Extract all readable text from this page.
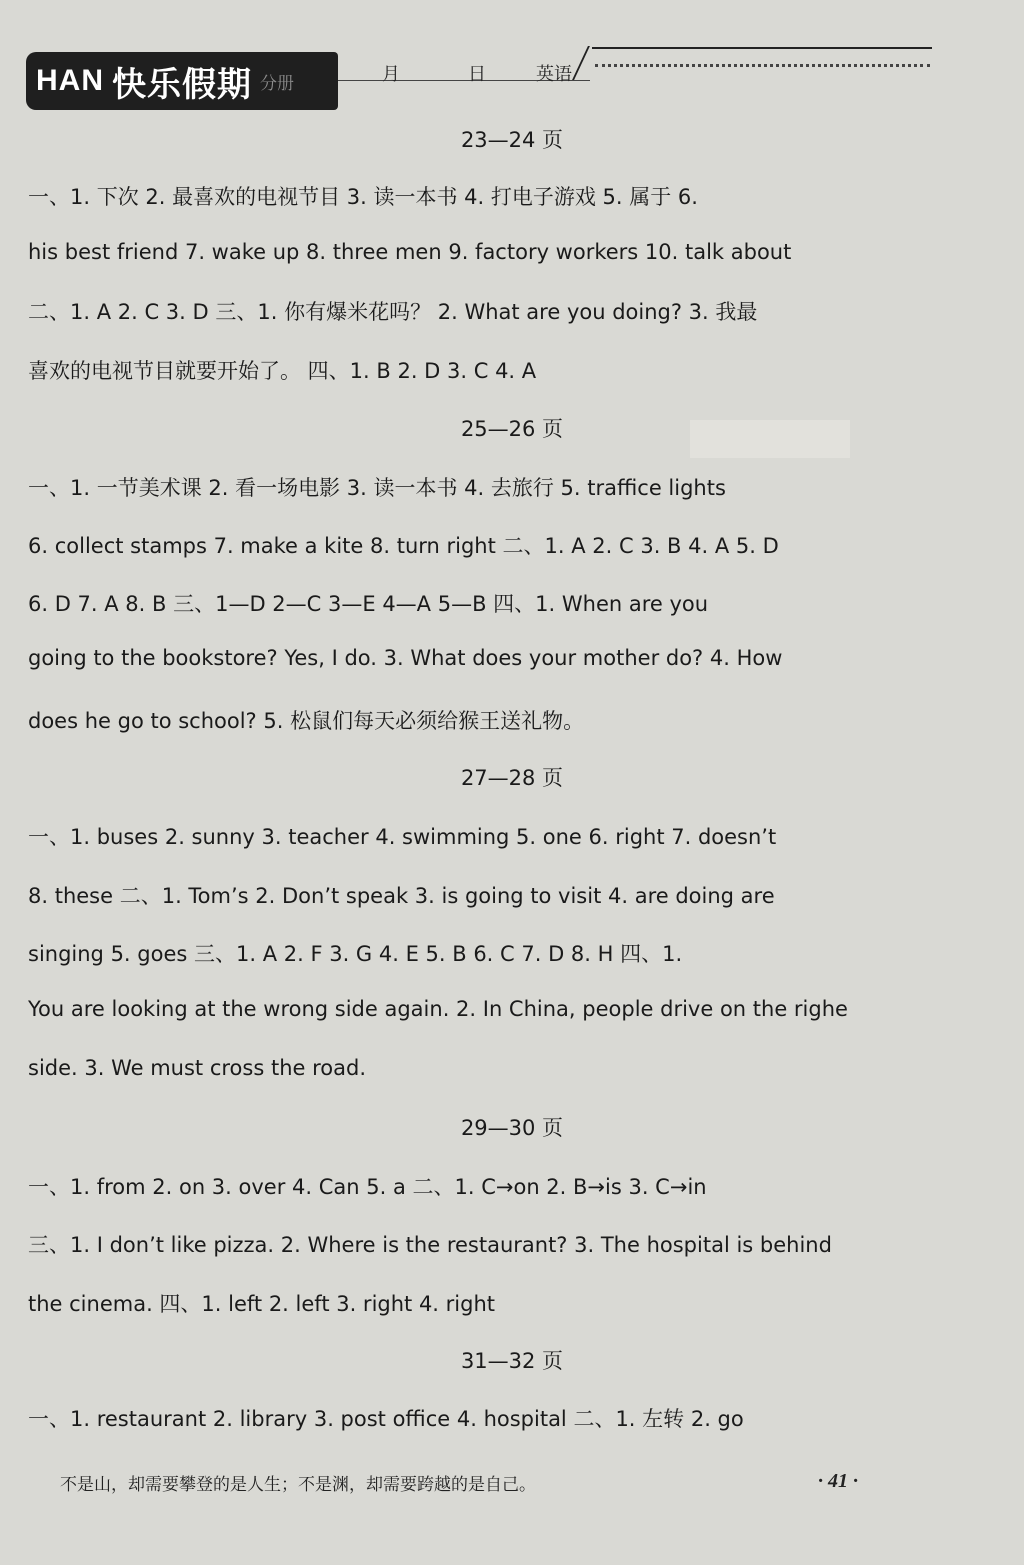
HAN 快乐假期 分册	月	日	英语
23—24 页
一、1. 下次 2. 最喜欢的电视节目 3. 读一本书 4. 打电子游戏 5. 属于 6.
his best friend 7. wake up 8. three men 9. factory workers 10. talk about
二、1. A 2. C 3. D 三、1. 你有爆米花吗？ 2. What are you doing? 3. 我最
喜欢的电视节目就要开始了。 四、1. B 2. D 3. C 4. A
25—26 页
一、1. 一节美术课 2. 看一场电影 3. 读一本书 4. 去旅行 5. traffice lights
6. collect stamps 7. make a kite 8. turn right 二、1. A 2. C 3. B 4. A 5. D
6. D 7. A 8. B 三、1—D 2—C 3—E 4—A 5—B 四、1. When are you
going to the bookstore? Yes, I do. 3. What does your mother do? 4. How
does he go to school? 5. 松鼠们每天必须给猴王送礼物。
27—28 页
一、1. buses 2. sunny 3. teacher 4. swimming 5. one 6. right 7. doesn’t
8. these 二、1. Tom’s 2. Don’t speak 3. is going to visit 4. are doing are
singing 5. goes 三、1. A 2. F 3. G 4. E 5. B 6. C 7. D 8. H 四、1.
You are looking at the wrong side again. 2. In China, people drive on the righe
side. 3. We must cross the road.
29—30 页
一、1. from 2. on 3. over 4. Can 5. a 二、1. C→on 2. B→is 3. C→in
三、1. I don’t like pizza. 2. Where is the restaurant? 3. The hospital is behind
the cinema. 四、1. left 2. left 3. right 4. right
31—32 页
一、1. restaurant 2. library 3. post office 4. hospital 二、1. 左转 2. go
不是山，却需要攀登的是人生；不是渊，却需要跨越的是自己。	· 41 ·
